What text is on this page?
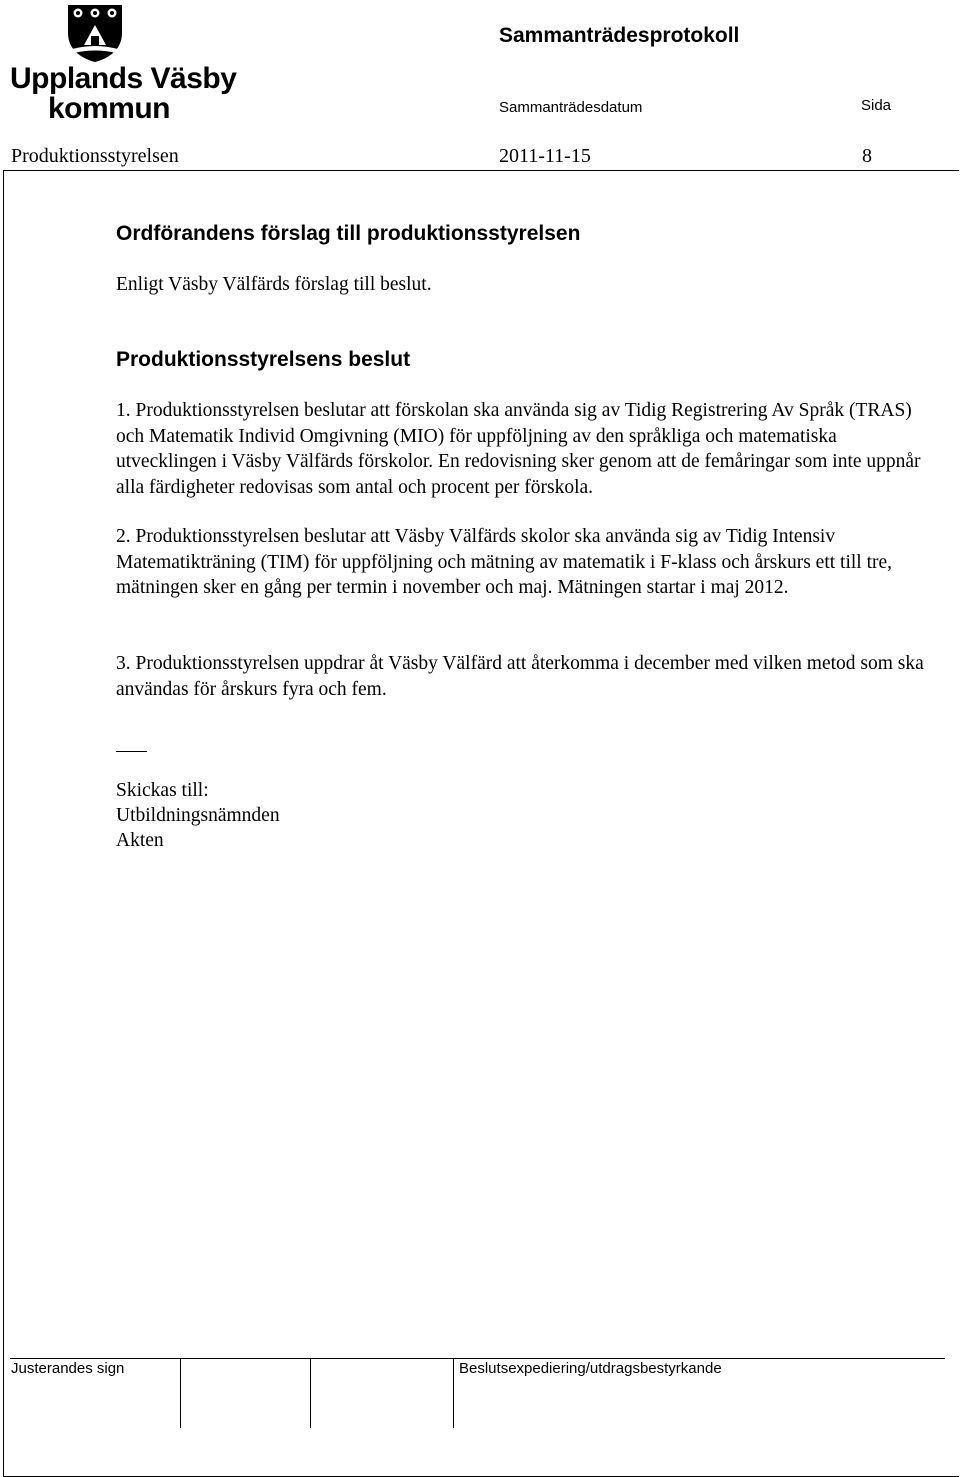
Upplands Väsby
kommun
Sammanträdesprotokoll
Sammanträdesdatum	Sida
Produktionsstyrelsen	2011-11-15	8
Ordförandens förslag till produktionsstyrelsen
Enligt Väsby Välfärds förslag till beslut.
Produktionsstyrelsens beslut
1. Produktionsstyrelsen beslutar att förskolan ska använda sig av Tidig Registrering Av Språk (TRAS) och Matematik Individ Omgivning (MIO) för uppföljning av den språkliga och matematiska utvecklingen i Väsby Välfärds förskolor. En redovisning sker genom att de femåringar som inte uppnår alla färdigheter redovisas som antal och procent per förskola.
2. Produktionsstyrelsen beslutar att Väsby Välfärds skolor ska använda sig av Tidig Intensiv Matematikträning (TIM) för uppföljning och mätning av matematik i F-klass och årskurs ett till tre, mätningen sker en gång per termin i november och maj. Mätningen startar i maj 2012.
3. Produktionsstyrelsen uppdrar åt Väsby Välfärd att återkomma i december med vilken metod som ska användas för årskurs fyra och fem.
Skickas till:
Utbildningsnämnden
Akten
Justerandes sign	Beslutsexpediering/utdragsbestyrkande
